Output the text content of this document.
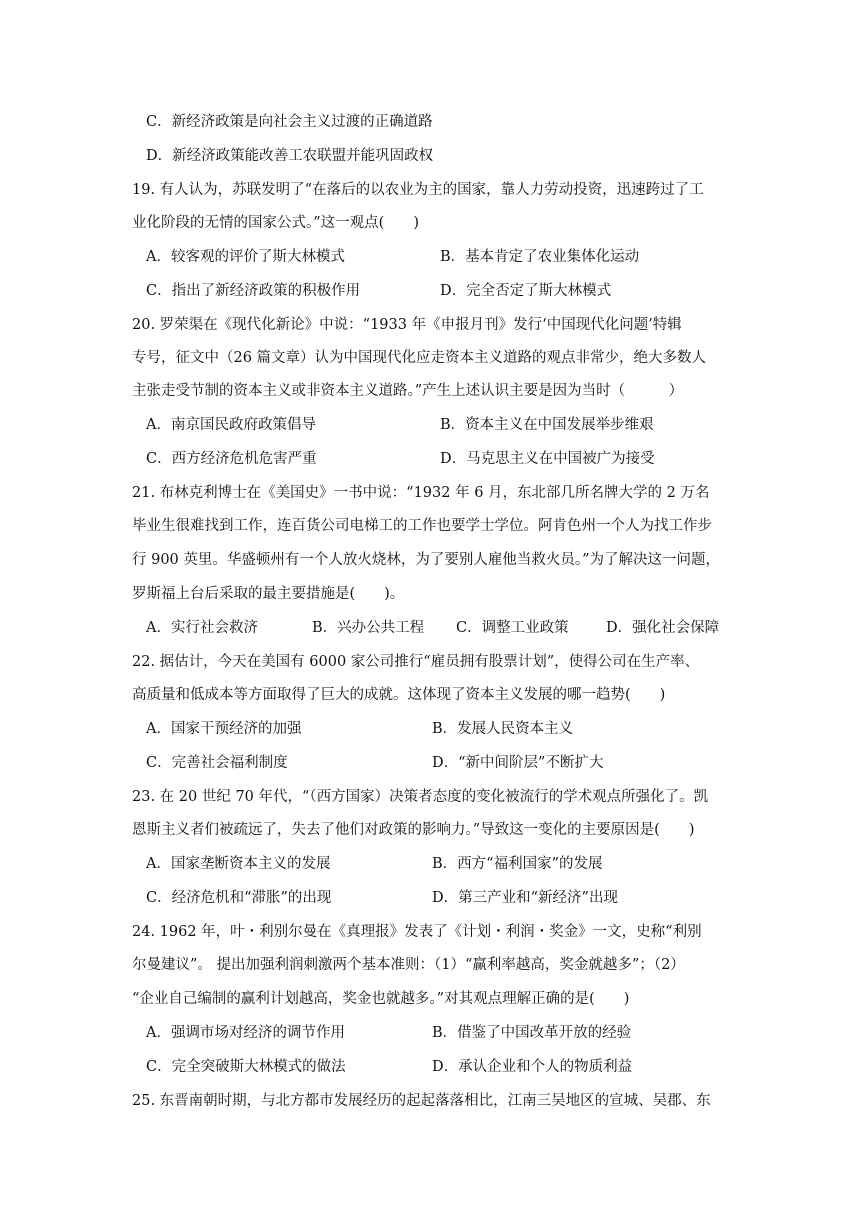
C．新经济政策是向社会主义过渡的正确道路
D．新经济政策能改善工农联盟并能巩固政权
19. 有人认为，苏联发明了“在落后的以农业为主的国家，靠人力劳动投资，迅速跨过了工
业化阶段的无情的国家公式。”这一观点(　　)
A．较客观的评价了斯大林模式	B．基本肯定了农业集体化运动
C．指出了新经济政策的积极作用	D．完全否定了斯大林模式
20. 罗荣渠在《现代化新论》中说：“1933 年《申报月刊》发行‘中国现代化问题’特辑
专号，征文中（26 篇文章）认为中国现代化应走资本主义道路的观点非常少，绝大多数人
主张走受节制的资本主义或非资本主义道路。”产生上述认识主要是因为当时（　　　）
A．南京国民政府政策倡导	B．资本主义在中国发展举步维艰
C．西方经济危机危害严重	D．马克思主义在中国被广为接受
21. 布林克利博士在《美国史》一书中说：“1932 年 6 月，东北部几所名牌大学的 2 万名
毕业生很难找到工作，连百货公司电梯工的工作也要学士学位。阿肯色州一个人为找工作步
行 900 英里。华盛顿州有一个人放火烧林，为了要别人雇他当救火员。”为了解决这一问题，
罗斯福上台后采取的最主要措施是(　　)。
A．实行社会救济	B．兴办公共工程 C．调整工业政策	D．强化社会保障
22. 据估计，今天在美国有 6000 家公司推行“雇员拥有股票计划”，使得公司在生产率、
高质量和低成本等方面取得了巨大的成就。这体现了资本主义发展的哪一趋势(　　)
A．国家干预经济的加强	B．发展人民资本主义
C．完善社会福利制度	D．“新中间阶层”不断扩大
23. 在 20 世纪 70 年代，“（西方国家）决策者态度的变化被流行的学术观点所强化了。凯
恩斯主义者们被疏远了，失去了他们对政策的影响力。”导致这一变化的主要原因是(　　)
A．国家垄断资本主义的发展	B．西方“福利国家”的发展
C．经济危机和“滞胀”的出现	D．第三产业和“新经济”出现
24. 1962 年，叶・利别尔曼在《真理报》发表了《计划・利润・奖金》一文，史称“利别
尔曼建议”。 提出加强利润刺激两个基本准则：（1）“赢利率越高，奖金就越多”；（2）
“企业自己编制的赢利计划越高，奖金也就越多。”对其观点理解正确的是(　　)
A．强调市场对经济的调节作用	B．借鉴了中国改革开放的经验
C．完全突破斯大林模式的做法	D．承认企业和个人的物质利益
25. 东晋南朝时期，与北方都市发展经历的起起落落相比，江南三吴地区的宣城、吴郡、东
